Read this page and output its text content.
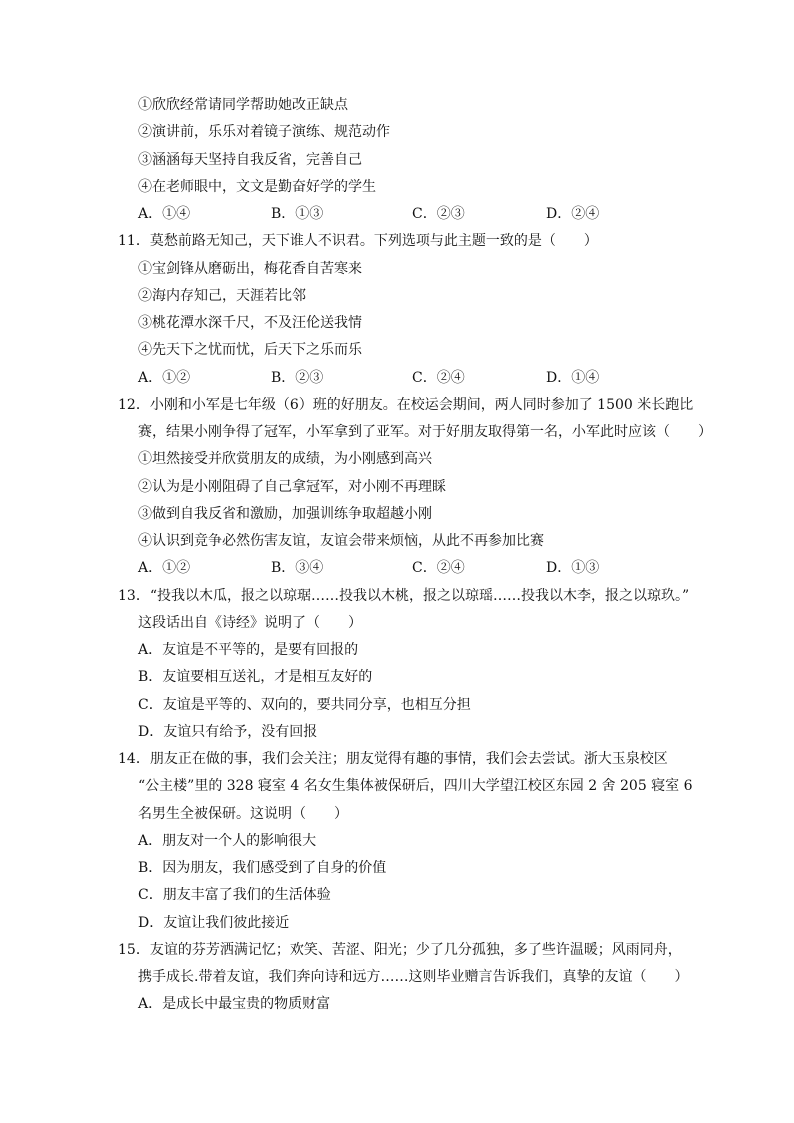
①欣欣经常请同学帮助她改正缺点
②演讲前，乐乐对着镜子演练、规范动作
③涵涵每天坚持自我反省，完善自己
④在老师眼中，文文是勤奋好学的学生
A．①④	B．①③	C．②③	D．②④
11．莫愁前路无知己，天下谁人不识君。下列选项与此主题一致的是（　　）
①宝剑锋从磨砺出，梅花香自苦寒来
②海内存知己，天涯若比邻
③桃花潭水深千尺，不及汪伦送我情
④先天下之忧而忧，后天下之乐而乐
A．①②	B．②③	C．②④	D．①④
12．小刚和小军是七年级（6）班的好朋友。在校运会期间，两人同时参加了 1500 米长跑比
赛，结果小刚争得了冠军，小军拿到了亚军。对于好朋友取得第一名，小军此时应该（　　）
①坦然接受并欣赏朋友的成绩，为小刚感到高兴
②认为是小刚阻碍了自己拿冠军，对小刚不再理睬
③做到自我反省和激励，加强训练争取超越小刚
④认识到竞争必然伤害友谊，友谊会带来烦恼，从此不再参加比赛
A．①②	B．③④	C．②④	D．①③
13．“投我以木瓜，报之以琼琚……投我以木桃，报之以琼瑶……投我以木李，报之以琼玖。”
这段话出自《诗经》说明了（　　）
A．友谊是不平等的，是要有回报的
B．友谊要相互送礼，才是相互友好的
C．友谊是平等的、双向的，要共同分享，也相互分担
D．友谊只有给予，没有回报
14．朋友正在做的事，我们会关注；朋友觉得有趣的事情，我们会去尝试。浙大玉泉校区
“公主楼”里的 328 寝室 4 名女生集体被保研后，四川大学望江校区东园 2 舍 205 寝室 6
名男生全被保研。这说明（　　）
A．朋友对一个人的影响很大
B．因为朋友，我们感受到了自身的价值
C．朋友丰富了我们的生活体验
D．友谊让我们彼此接近
15．友谊的芬芳洒满记忆；欢笑、苦涩、阳光；少了几分孤独，多了些许温暖；风雨同舟，
携手成长.带着友谊，我们奔向诗和远方……这则毕业赠言告诉我们，真挚的友谊（　　）
A．是成长中最宝贵的物质财富
